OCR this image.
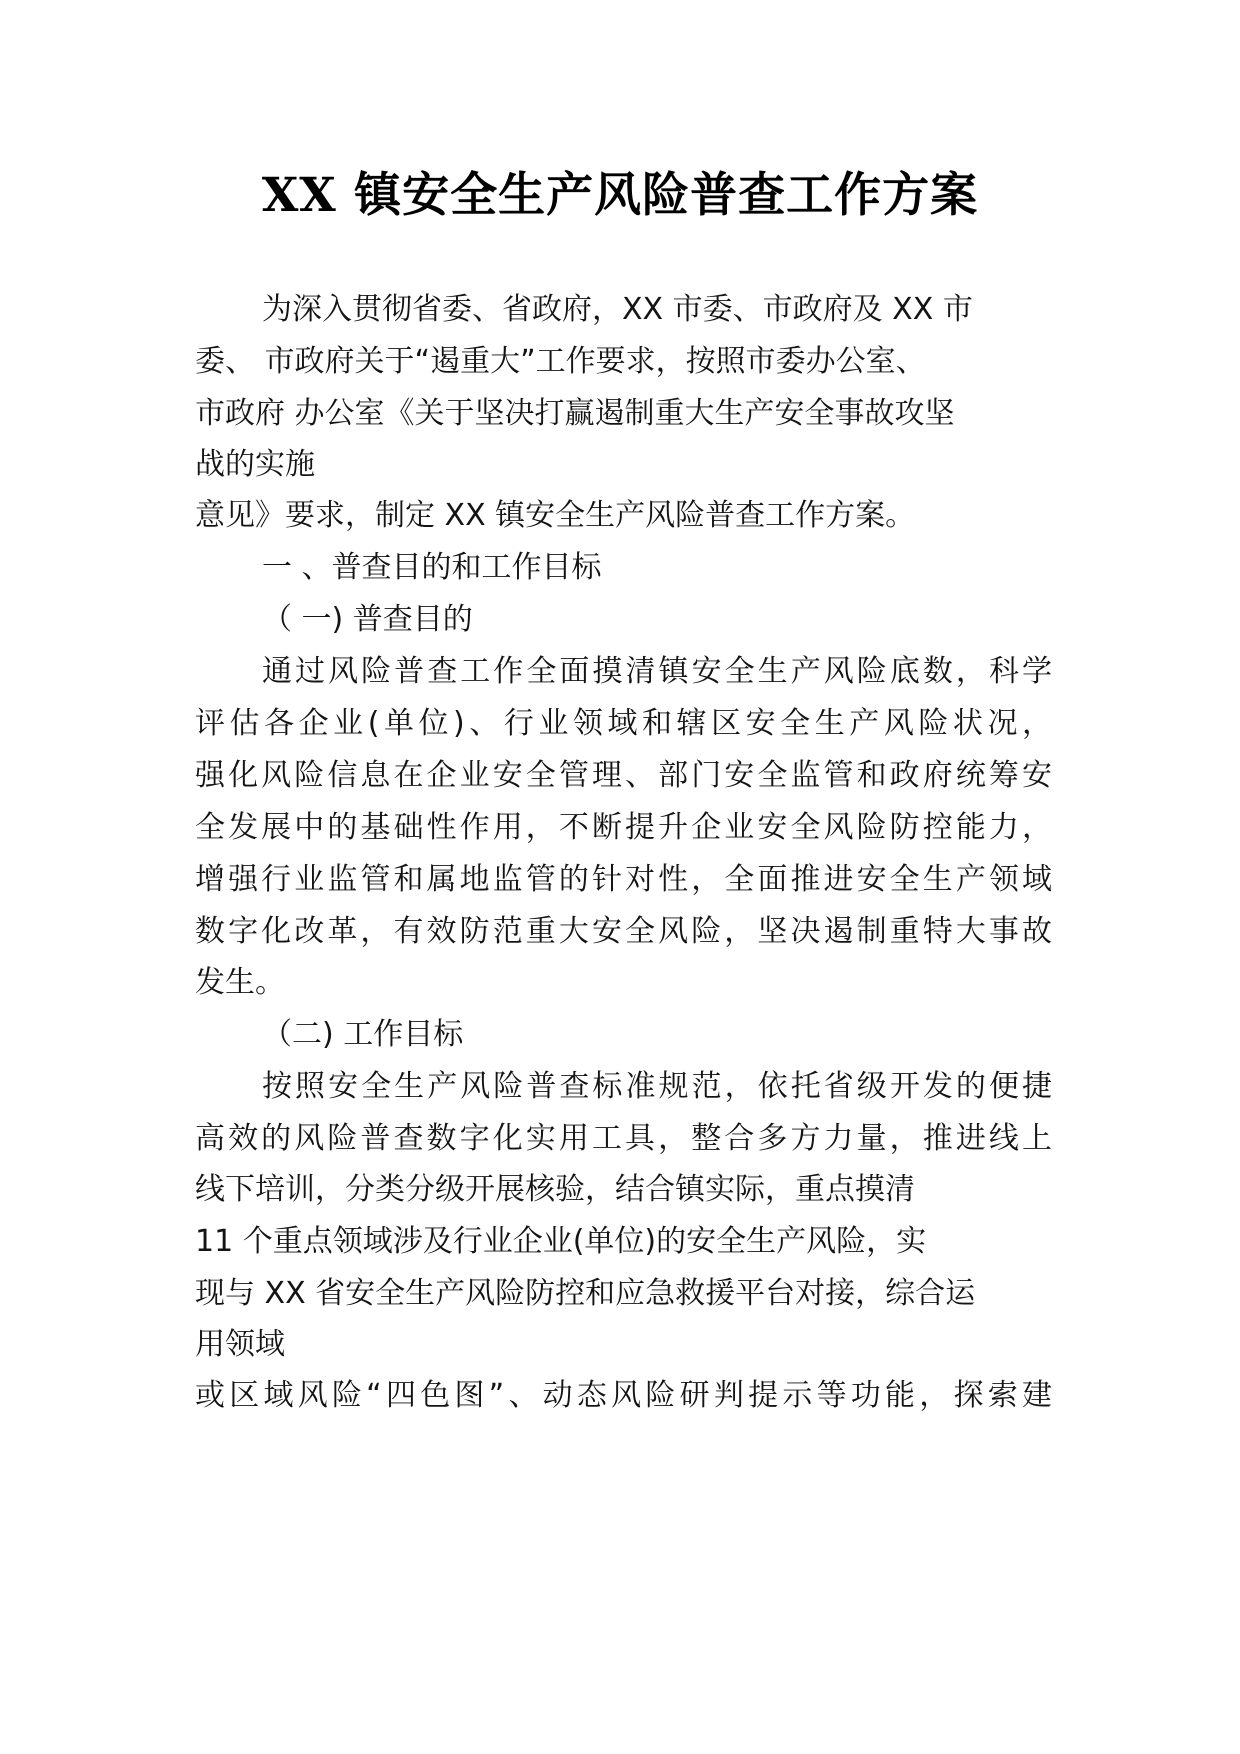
XX 镇安全生产风险普查工作方案
为深入贯彻省委、省政府，XX 市委、市政府及 XX 市
委、 市政府关于“遏重大”工作要求，按照市委办公室、
市政府 办公室《关于坚决打赢遏制重大生产安全事故攻坚
战的实施
意见》要求，制定 XX 镇安全生产风险普查工作方案。
一 、普查目的和工作目标
（ 一) 普查目的
通过风险普查工作全面摸清镇安全生产风险底数，科学
评估各企业(单位)、行业领域和辖区安全生产风险状况，
强化风险信息在企业安全管理、部门安全监管和政府统筹安
全发展中的基础性作用，不断提升企业安全风险防控能力，
增强行业监管和属地监管的针对性，全面推进安全生产领域
数字化改革，有效防范重大安全风险，坚决遏制重特大事故
发生。
（二) 工作目标
按照安全生产风险普查标准规范，依托省级开发的便捷
高效的风险普查数字化实用工具，整合多方力量，推进线上
线下培训，分类分级开展核验，结合镇实际，重点摸清
11 个重点领域涉及行业企业(单位)的安全生产风险，实
现与 XX 省安全生产风险防控和应急救援平台对接，综合运
用领域
或区域风险“四色图”、动态风险研判提示等功能，探索建
